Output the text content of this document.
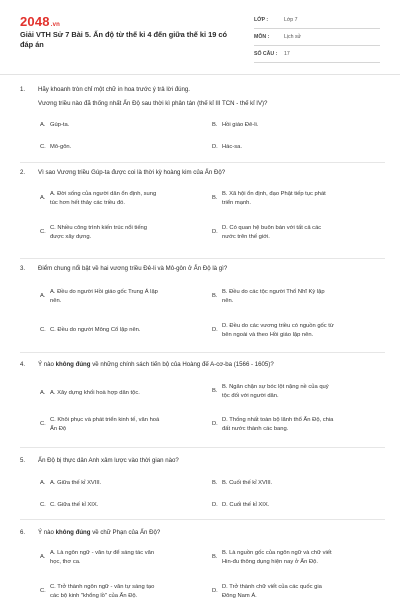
2048.vn
Giải VTH Sử 7 Bài 5. Ấn độ từ thế kỉ 4 đến giữa thế kỉ 19 có đáp án
LỚP :	Lớp 7
MÔN :	Lịch sử
SỐ CÂU : 17
1. Hãy khoanh tròn chỉ một chữ in hoa trước ý trả lời đúng.
Vương triều nào đã thống nhất Ấn Độ sau thời kì phân tán (thế kỉ III TCN - thế kỉ IV)?
A. Gúp-ta.	B. Hồi giáo Đê-li.
C. Mô-gôn.	D. Hác-sa.
2. Vì sao Vương triều Gúp-ta được coi là thời kỳ hoàng kim của Ấn Độ?
A.
A. Đời sống của người dân ổn định, sung
túc hơn hết thảy các triều đó.
B.
B. Xã hội ổn định, đạo Phật tiếp tục phát
triển mạnh.
C.
C. Nhiều công trình kiến trúc nổi tiếng
được xây dựng.
D.
D. Có quan hệ buôn bán với tất cả các
nước trên thế giới.
3. Điểm chung nổi bật về hai vương triều Đê-li và Mô-gôn ở Ấn Độ là gì?
A.
A. Đều do người Hồi giáo gốc Trung Á lập
nên.
B.
B. Đều do các tộc người Thổ Nhĩ Kỳ lập
nên.
C. C. Đều do người Mông Cổ lập nên.	D.
D. Đều do các vương triều có nguồn gốc từ
bên ngoài và theo Hồi giáo lập nên.
4. Ý nào không đúng về những chính sách tiến bộ của Hoàng đế A-cơ-ba (1566 - 1605)?
A. A. Xây dựng khối hoà hợp dân tộc.	B.
B. Ngăn chặn sự bóc lột nặng nề của quý
tộc đối với người dân.
C.
C. Khôi phục và phát triển kinh tế, văn hoá
Ấn Độ
D.
D. Thống nhất toàn bộ lãnh thổ Ấn Độ, chia
đất nước thành các bang.
5. Ấn Độ bị thực dân Anh xâm lược vào thời gian nào?
A. A. Giữa thế kỉ XVIII.	B. B. Cuối thế kỉ XVIII.
C. C. Giữa thế kỉ XIX.	D. D. Cuối thế kỉ XIX.
6. Ý nào không đúng về chữ Phạn của Ấn Độ?
A.
A. Là ngôn ngữ - văn tự để sáng tác văn
học, thơ ca.
B.
B. Là nguồn gốc của ngôn ngữ và chữ viết
Hin-đu thông dụng hiện nay ở Ấn Độ.
C.
C. Trở thành ngôn ngữ - văn tự sáng tạo
các bộ kinh "khổng lồ" của Ấn Độ.
D.
D. Trở thành chữ viết của các quốc gia
Đông Nam Á.
